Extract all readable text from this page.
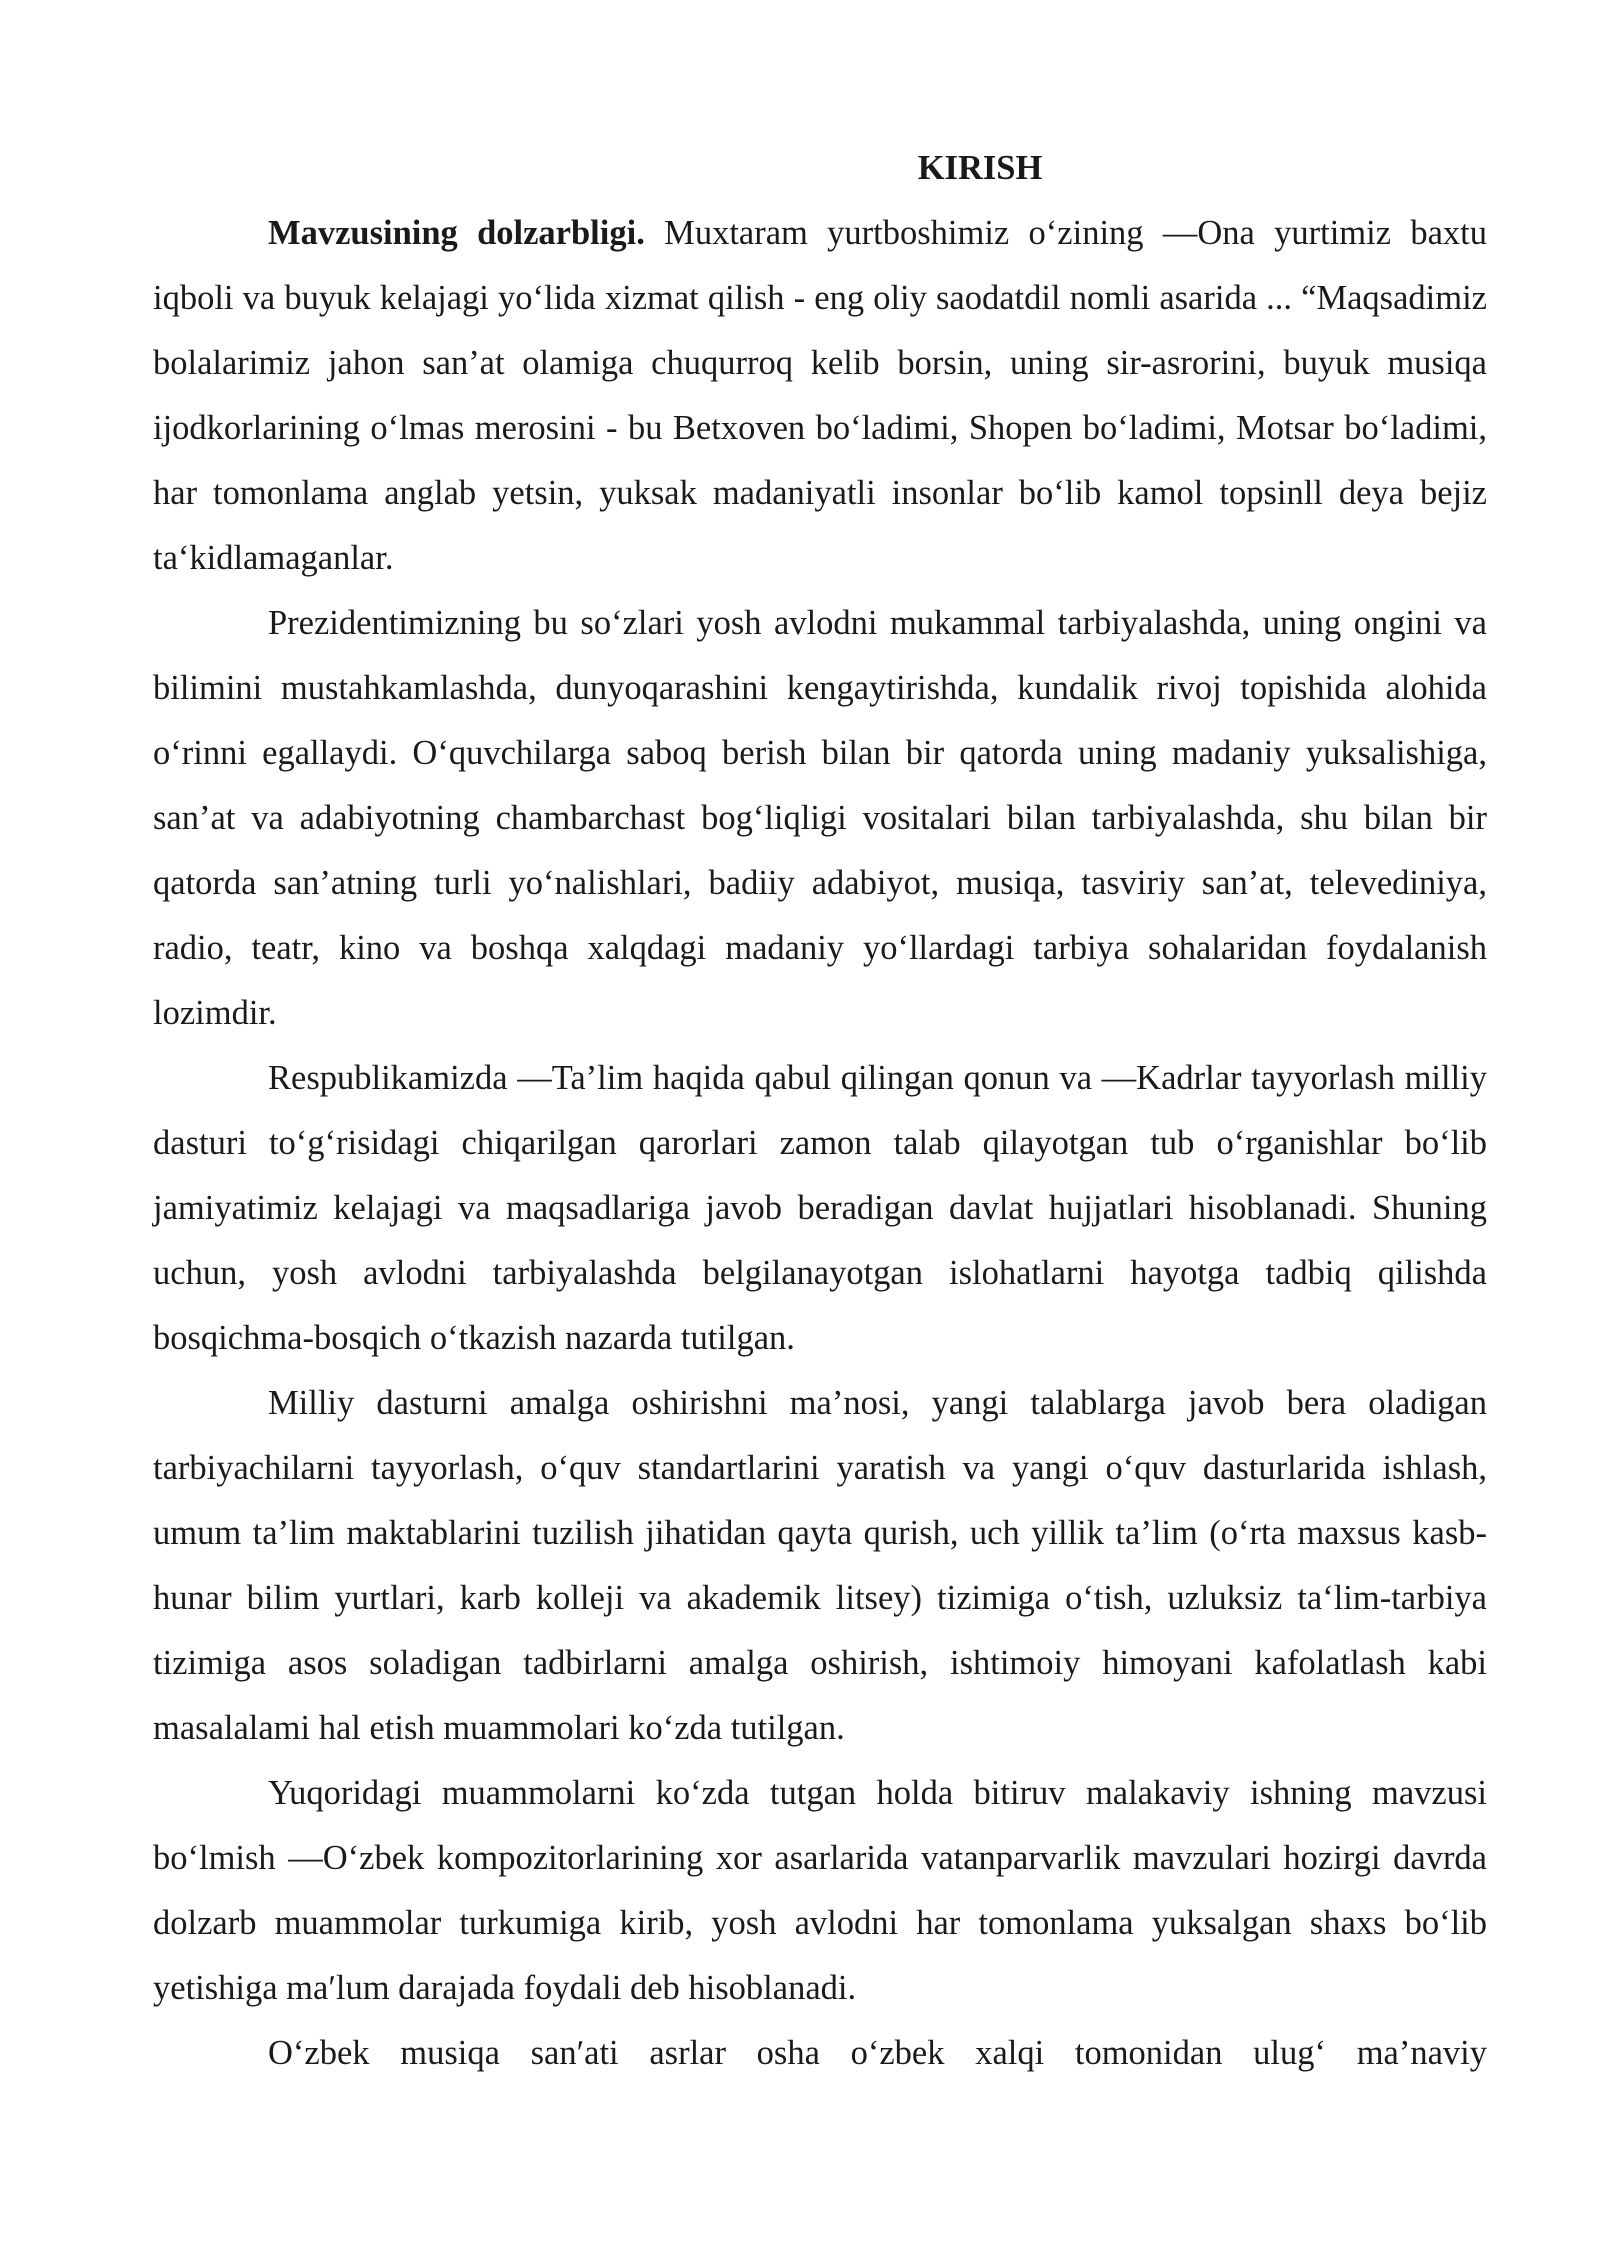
KIRISH

Mavzusining dolzarbligi. Muxtaram yurtboshimiz o‘zining ―Ona yurtimiz baxtu iqboli va buyuk kelajagi yo‘lida xizmat qilish - eng oliy saodatdil nomli asarida ... “Maqsadimiz bolalarimiz jahon san’at olamiga chuqurroq kelib borsin, uning sir-asrorini, buyuk musiqa ijodkorlarining o‘lmas merosini - bu Betxoven bo‘ladimi, Shopen bo‘ladimi, Motsar bo‘ladimi, har tomonlama anglab yetsin, yuksak madaniyatli insonlar bo‘lib kamol topsinll deya bejiz ta‘kidlamaganlar.

Prezidentimizning bu so‘zlari yosh avlodni mukammal tarbiyalashda, uning ongini va bilimini mustahkamlashda, dunyoqarashini kengaytirishda, kundalik rivoj topishida alohida o‘rinni egallaydi. O‘quvchilarga saboq berish bilan bir qatorda uning madaniy yuksalishiga, san’at va adabiyotning chambarchast bog‘liqligi vositalari bilan tarbiyalashda, shu bilan bir qatorda san’atning turli yo‘nalishlari, badiiy adabiyot, musiqa, tasviriy san’at, televediniya, radio, teatr, kino va boshqa xalqdagi madaniy yo‘llardagi tarbiya sohalaridan foydalanish lozimdir.

Respublikamizda ―Ta’lim haqida qabul qilingan qonun va ―Kadrlar tayyorlash milliy dasturi to‘g‘risidagi chiqarilgan qarorlari zamon talab qilayotgan tub o‘rganishlar bo‘lib jamiyatimiz kelajagi va maqsadlariga javob beradigan davlat hujjatlari hisoblanadi. Shuning uchun, yosh avlodni tarbiyalashda belgilanayotgan islohatlarni hayotga tadbiq qilishda bosqichma-bosqich o‘tkazish nazarda tutilgan.

Milliy dasturni amalga oshirishni ma’nosi, yangi talablarga javob bera oladigan tarbiyachilarni tayyorlash, o‘quv standartlarini yaratish va yangi o‘quv dasturlarida ishlash, umum ta’lim maktablarini tuzilish jihatidan qayta qurish, uch yillik ta’lim (o‘rta maxsus kasb-hunar bilim yurtlari, karb kolleji va akademik litsey) tizimiga o‘tish, uzluksiz ta‘lim-tarbiya tizimiga asos soladigan tadbirlarni amalga oshirish, ishtimoiy himoyani kafolatlash kabi masalalami hal etish muammolari ko‘zda tutilgan.

Yuqoridagi muammolarni ko‘zda tutgan holda bitiruv malakaviy ishning mavzusi bo‘lmish ―O‘zbek kompozitorlarining xor asarlarida vatanparvarlik mavzulari hozirgi davrda dolzarb muammolar turkumiga kirib, yosh avlodni har tomonlama yuksalgan shaxs bo‘lib yetishiga maʹlum darajada foydali deb hisoblanadi.

O‘zbek musiqa sanʹati asrlar osha o‘zbek xalqi tomonidan ulug‘ ma’naviy
